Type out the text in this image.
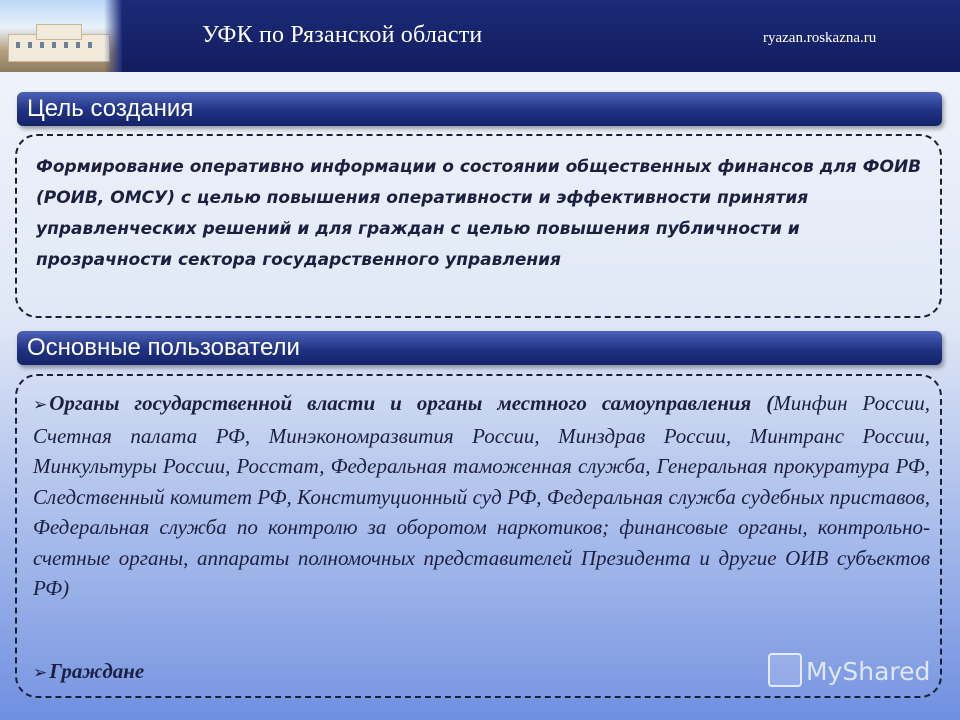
УФК по Рязанской области	ryazan.roskazna.ru
Цель создания

Формирование оперативно информации о состоянии общественных финансов для ФОИВ (РОИВ, ОМСУ) с целью повышения оперативности и эффективности принятия управленческих решений и для граждан с целью повышения публичности и прозрачности сектора государственного управления

Основные пользователи

➢Органы государственной власти и органы местного самоуправления (Минфин России, Счетная палата РФ, Минэкономразвития России, Минздрав России, Минтранс России, Минкультуры России, Росстат, Федеральная таможенная служба, Генеральная прокуратура РФ, Следственный комитет РФ, Конституционный суд РФ, Федеральная служба судебных приставов, Федеральная служба по контролю за оборотом наркотиков; финансовые органы, контрольно-счетные органы, аппараты полномочных представителей Президента и другие ОИВ субъектов РФ)

➢Граждане	MyShared
